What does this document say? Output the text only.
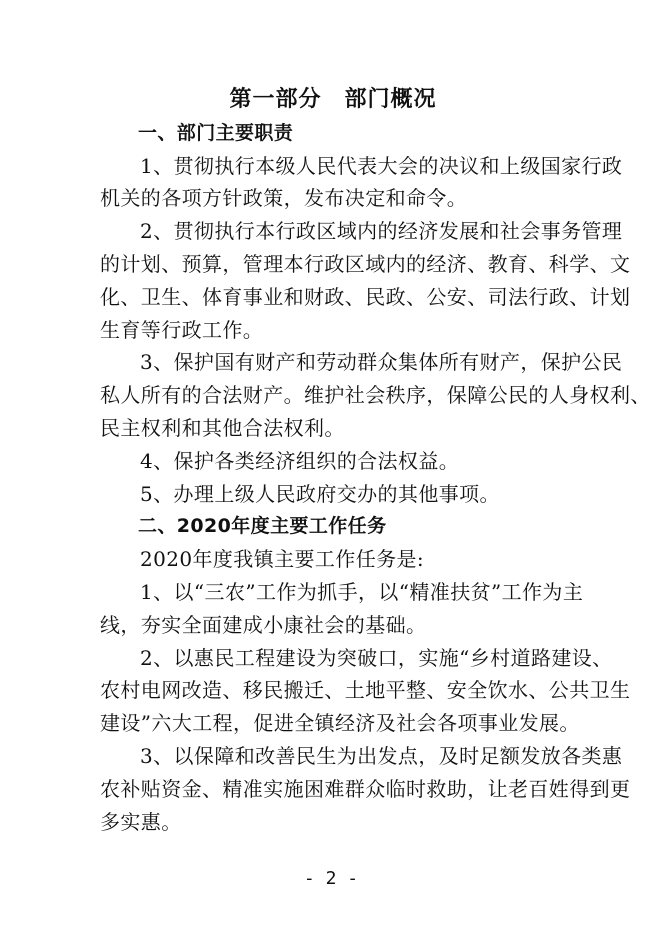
第一部分　部门概况
一、部门主要职责
1、贯彻执行本级人民代表大会的决议和上级国家行政
机关的各项方针政策，发布决定和命令。
2、贯彻执行本行政区域内的经济发展和社会事务管理
的计划、预算，管理本行政区域内的经济、教育、科学、文
化、卫生、体育事业和财政、民政、公安、司法行政、计划
生育等行政工作。
3、保护国有财产和劳动群众集体所有财产，保护公民
私人所有的合法财产。维护社会秩序，保障公民的人身权利、
民主权利和其他合法权利。
4、保护各类经济组织的合法权益。
5、办理上级人民政府交办的其他事项。
二、2020年度主要工作任务
2020年度我镇主要工作任务是:
1、以“三农”工作为抓手，以“精准扶贫”工作为主
线，夯实全面建成小康社会的基础。
2、以惠民工程建设为突破口，实施“乡村道路建设、
农村电网改造、移民搬迁、土地平整、安全饮水、公共卫生
建设”六大工程，促进全镇经济及社会各项事业发展。
3、以保障和改善民生为出发点，及时足额发放各类惠
农补贴资金、精准实施困难群众临时救助，让老百姓得到更
多实惠。
- 2 -
